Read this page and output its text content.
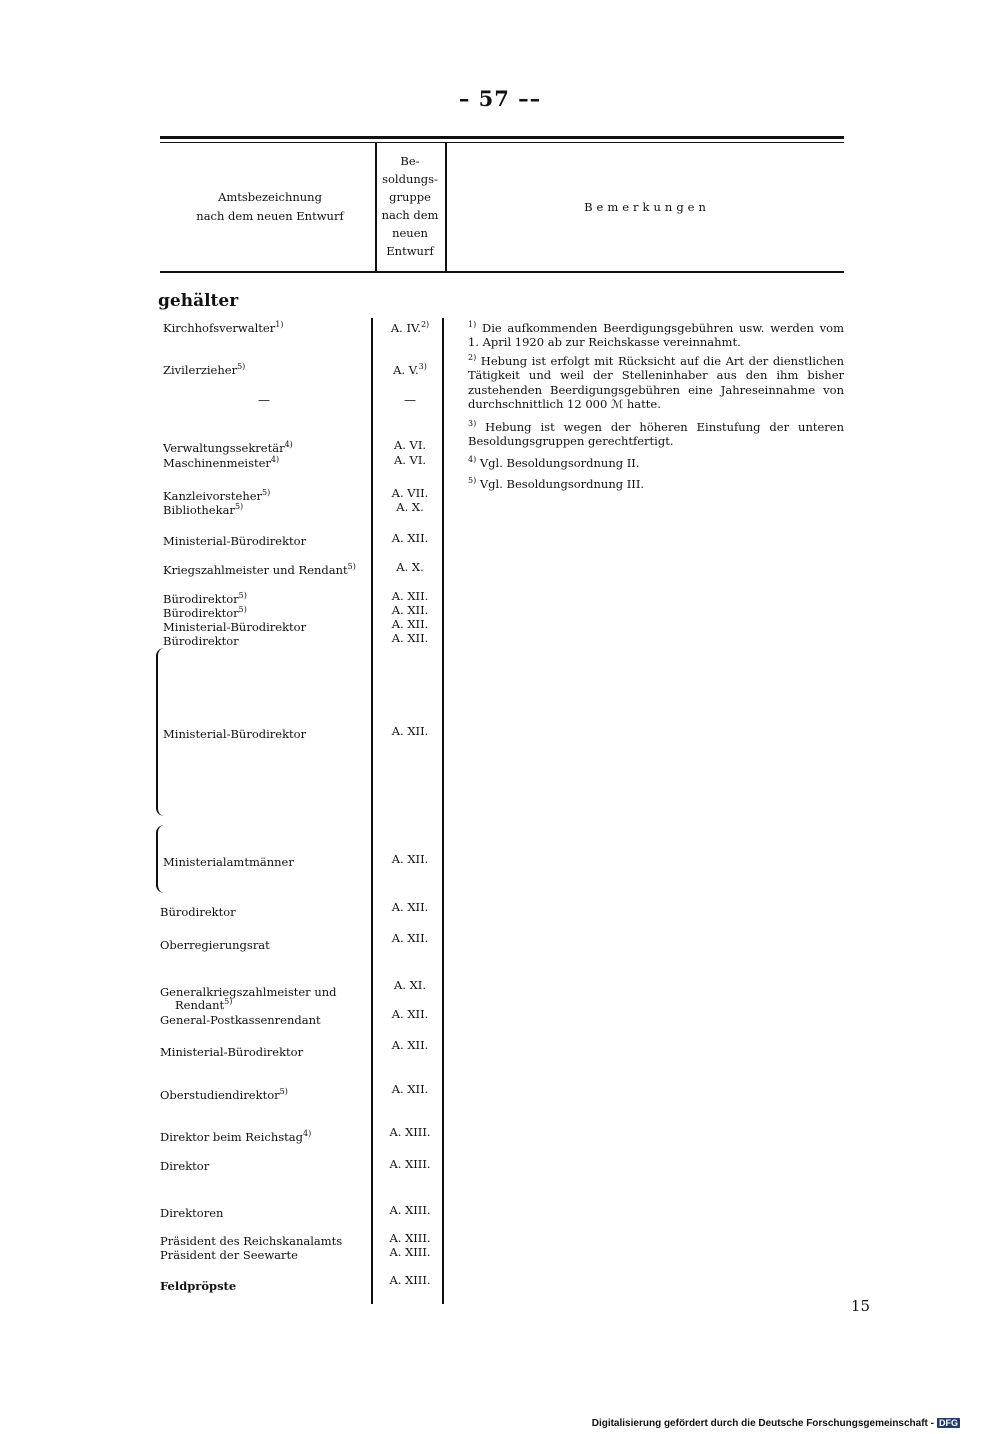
– 57 ––
Amtsbezeichnung
nach dem neuen Entwurf
Be-
soldungs-
gruppe
nach dem
neuen
Entwurf
Bemerkungen
gehälter
Kirchhofsverwalter$^{1)}$
Zivilerzieher$^{5)}$
—
Verwaltungssekretär$^{4)}$
Maschinenmeister$^{4)}$
Kanzleivorsteher$^{5)}$
Bibliothekar$^{5)}$
Ministerial-Bürodirektor
Kriegszahlmeister und Rendant$^{5)}$
Bürodirektor$^{5)}$
Bürodirektor$^{5)}$
Ministerial-Bürodirektor
Bürodirektor
Ministerial-Bürodirektor
Ministerialamtmänner
Bürodirektor
Oberregierungsrat
Generalkriegszahlmeister und
Rendant$^{5)}$
General-Postkassenrendant
Ministerial-Bürodirektor
Oberstudiendirektor$^{5)}$
Direktor beim Reichstag$^{4)}$
Direktor
Direktoren
Präsident des Reichskanalamts
Präsident der Seewarte
Feldpröpste
A. IV.$^{2)}$
A. V.$^{3)}$
—
A. VI.
A. VI.
A. VII.
A. X.
A. XII.
A. X.
A. XII.
A. XII.
A. XII.
A. XII.
A. XII.
A. XII.
A. XII.
A. XII.
A. XI.
A. XII.
A. XII.
A. XII.
A. XIII.
A. XIII.
A. XIII.
A. XIII.
A. XIII.
A. XIII.
$^{1)}$ Die aufkommenden Beerdigungsgebühren usw. werden vom 1. April 1920 ab zur Reichskasse vereinnahmt.
$^{2)}$ Hebung ist erfolgt mit Rücksicht auf die Art der dienstlichen Tätigkeit und weil der Stelleninhaber aus den ihm bisher zustehenden Beerdigungsgebühren eine Jahreseinnahme von durchschnittlich 12 000 ℳ hatte.
$^{3)}$ Hebung ist wegen der höheren Einstufung der unteren Besoldungsgruppen gerechtfertigt.
$^{4)}$ Vgl. Besoldungsordnung II.
$^{5)}$ Vgl. Besoldungsordnung III.
15
Digitalisierung gefördert durch die Deutsche Forschungsgemeinschaft - DFG
